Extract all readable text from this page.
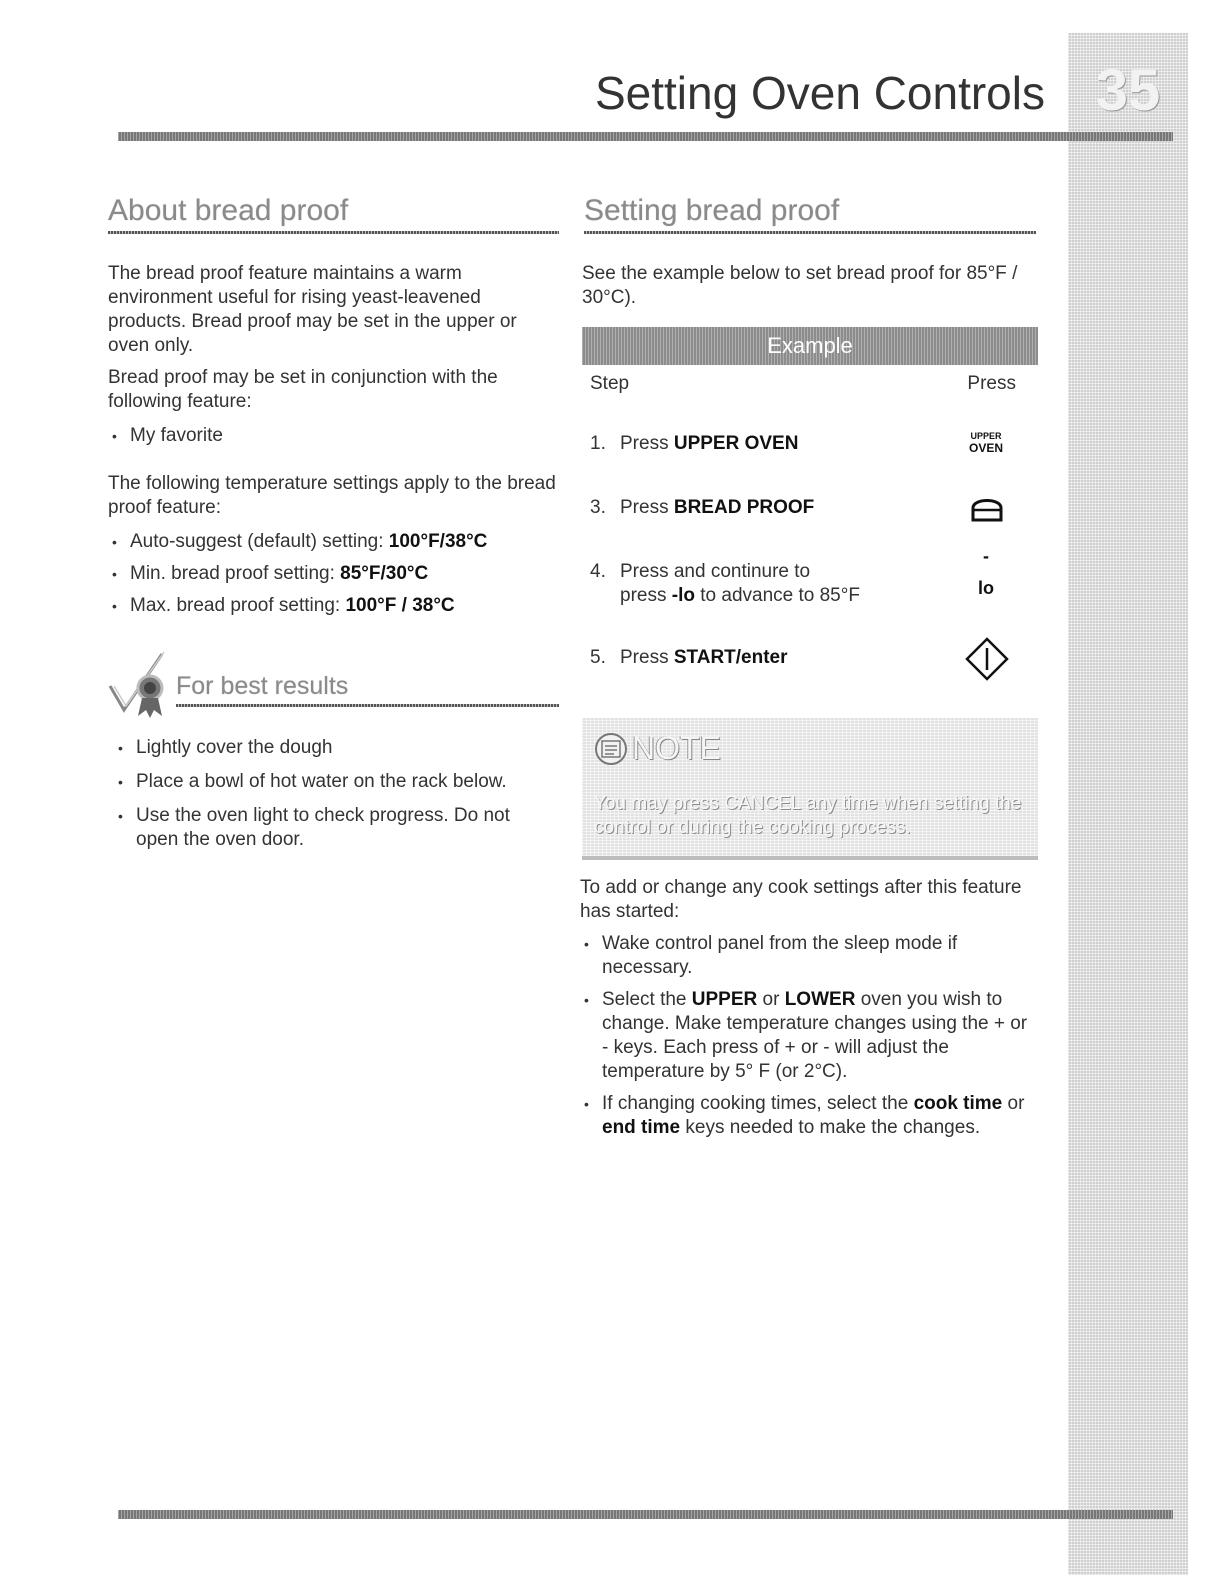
35
Setting Oven Controls
About bread proof

The bread proof feature maintains a warm environment useful for rising yeast-leavened products. Bread proof may be set in the upper or oven only.

Bread proof may be set in conjunction with the following feature:

• My favorite

The following temperature settings apply to the bread proof feature:

• Auto-suggest (default) setting: 100°F/38°C
• Min. bread proof setting: 85°F/30°C
• Max. bread proof setting: 100°F / 38°C
For best results
• Lightly cover the dough
• Place a bowl of hot water on the rack below.
• Use the oven light to check progress. Do not open the oven door.
Setting bread proof
See the example below to set bread proof for 85°F / 30°C).
Example
Step	Press
1. Press UPPER OVEN	UPPER
OVEN
3. Press BREAD PROOF
4. Press and continure to
press -lo to advance to 85°F
-
lo
5. Press START/enter
NOTE
You may press CANCEL any time when setting the control or during the cooking process.

To add or change any cook settings after this feature has started:

• Wake control panel from the sleep mode if necessary.
• Select the UPPER or LOWER oven you wish to change. Make temperature changes using the + or - keys. Each press of + or - will adjust the temperature by 5° F (or 2°C).
• If changing cooking times, select the cook time or end time keys needed to make the changes.
